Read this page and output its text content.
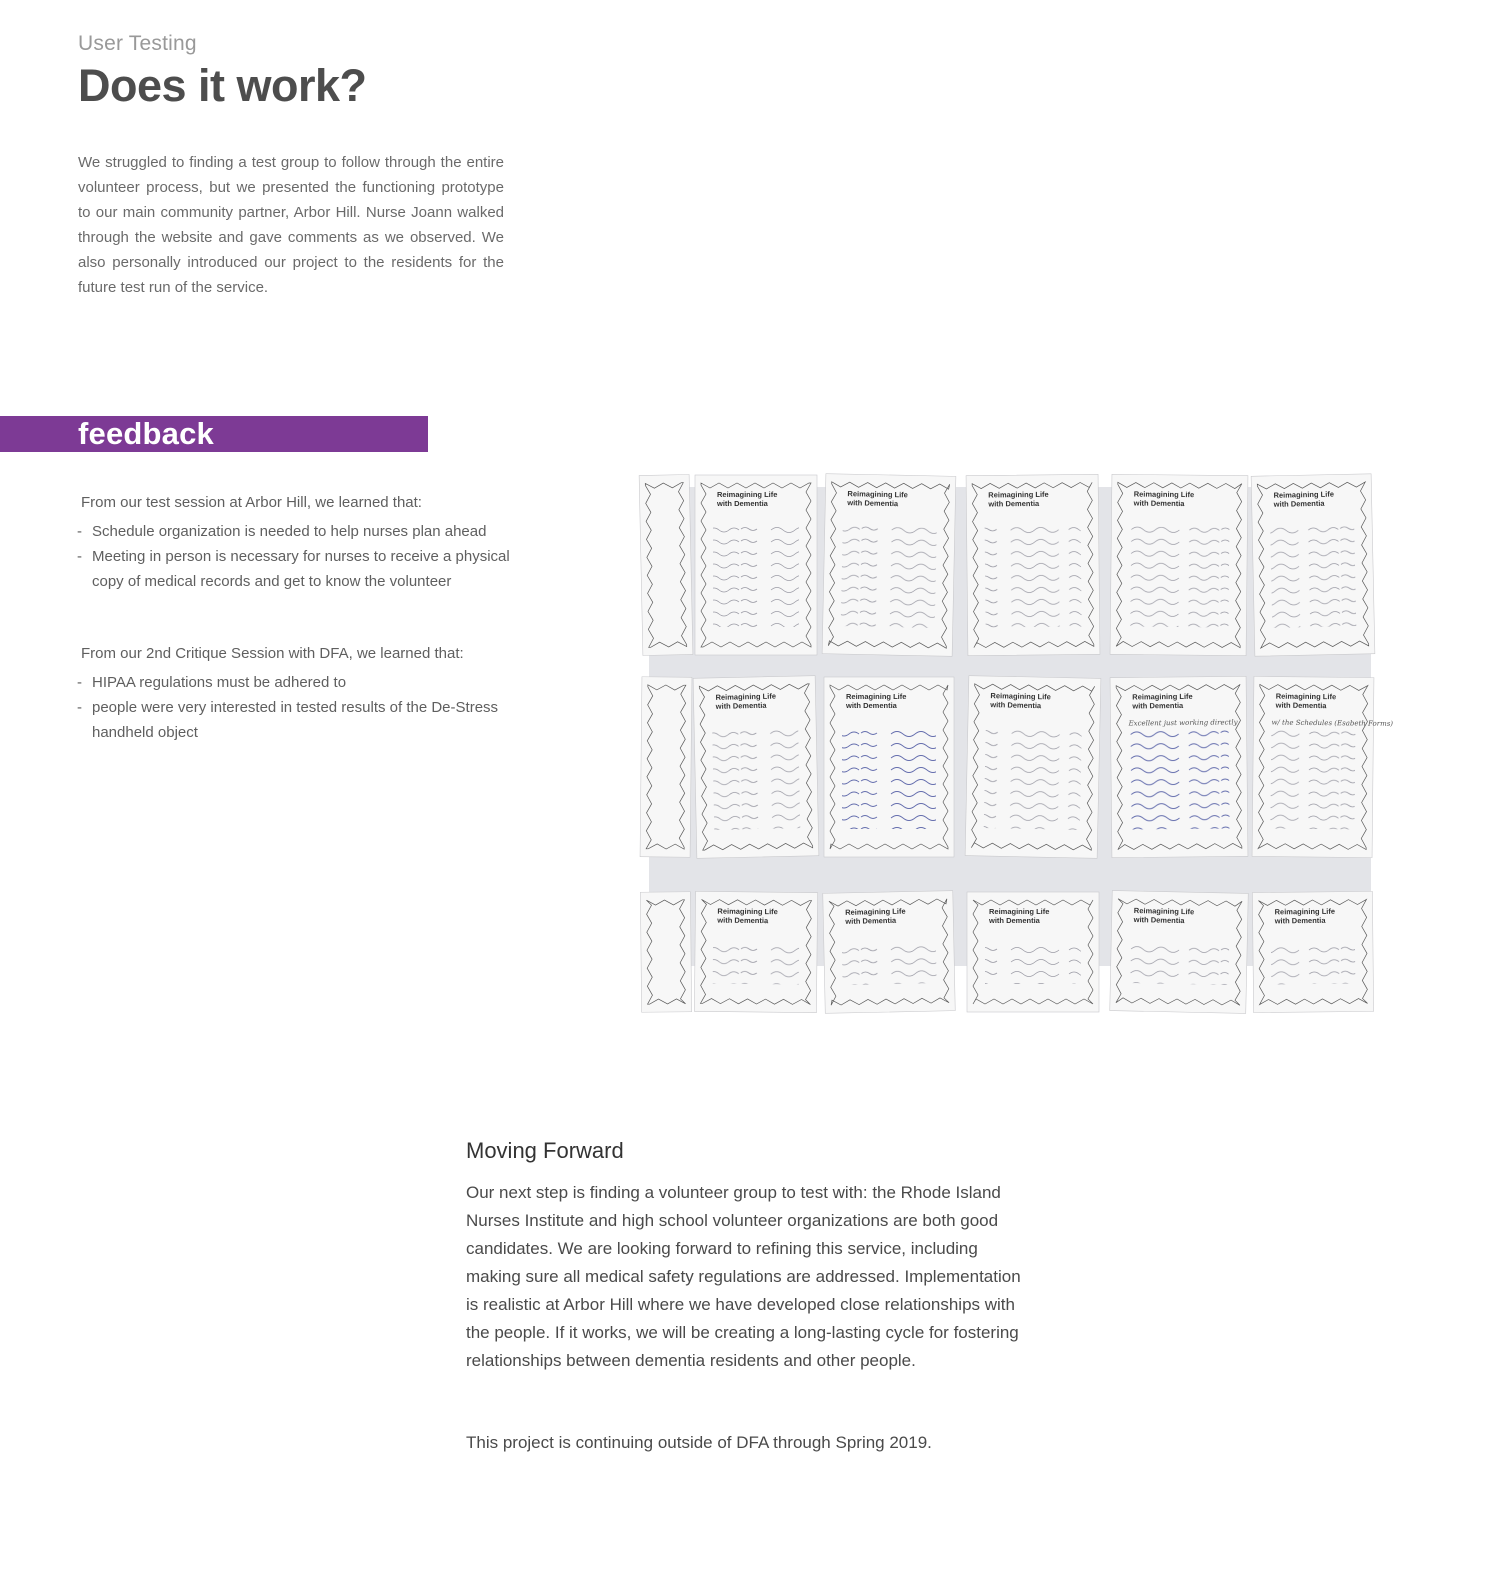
User Testing
Does it work?

We struggled to finding a test group to follow through the entire volunteer process, but we presented the functioning prototype to our main community partner, Arbor Hill. Nurse Joann walked through the website and gave comments as we observed. We also personally introduced our project to the residents for the future test run of the service.

feedback

From our test session at Arbor Hill, we learned that:

- Schedule organization is needed to help nurses plan ahead
- Meeting in person is necessary for nurses to receive a physical copy of medical records and get to know the volunteer

From our 2nd Critique Session with DFA, we learned that:

- HIPAA regulations must be adhered to
- people were very interested in tested results of the De-Stress handheld object
Reimagining Life
with Dementia
Reimagining Life
with Dementia
Reimagining Life
with Dementia
Reimagining Life
with Dementia
Reimagining Life
with Dementia
Reimagining Life
with Dementia
Reimagining Life
with Dementia
Reimagining Life
with Dementia
Reimagining Life
with Dementia
Excellent just working directly
Reimagining Life
with Dementia
w/ the Schedules (Esabeth Forms)
Reimagining Life
with Dementia
Reimagining Life
with Dementia
Reimagining Life
with Dementia
Reimagining Life
with Dementia
Reimagining Life
with Dementia
Moving Forward

Our next step is finding a volunteer group to test with: the Rhode Island Nurses Institute and high school volunteer organizations are both good candidates. We are looking forward to refining this service, including making sure all medical safety regulations are addressed. Implementation is realistic at Arbor Hill where we have developed close relationships with the people. If it works, we will be creating a long-lasting cycle for fostering relationships between dementia residents and other people.

This project is continuing outside of DFA through Spring 2019.
